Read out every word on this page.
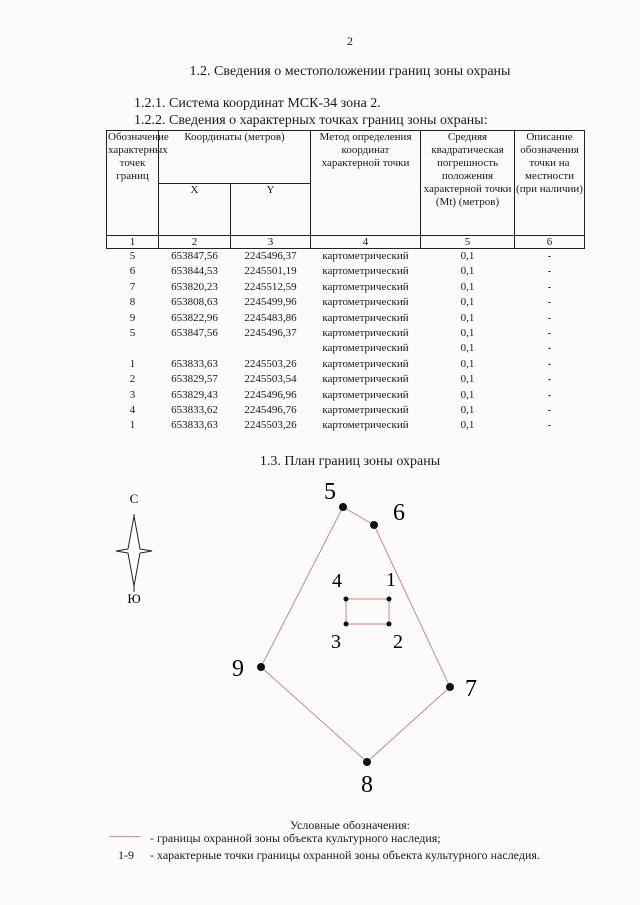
2
1.2. Сведения о местоположении границ зоны охраны
1.2.1. Система координат МСК-34 зона 2.
1.2.2. Сведения о характерных точках границ зоны охраны:
Обозначение характерных точек границ	Координаты (метров)		Метод определения координат характерной точки	Средняя квадратическая погрешность положения характерной точки (Mt) (метров)	Описание обозначения точки на местности (при наличии)
	X	Y			
1	2	3	4	5	6
5	653847,56	2245496,37	картометрический	0,1	-
6	653844,53	2245501,19	картометрический	0,1	-
7	653820,23	2245512,59	картометрический	0,1	-
8	653808,63	2245499,96	картометрический	0,1	-
9	653822,96	2245483,86	картометрический	0,1	-
5	653847,56	2245496,37	картометрический	0,1	-
			картометрический	0,1	-
1	653833,63	2245503,26	картометрический	0,1	-
2	653829,57	2245503,54	картометрический	0,1	-
3	653829,43	2245496,96	картометрический	0,1	-
4	653833,62	2245496,76	картометрический	0,1	-
1	653833,63	2245503,26	картометрический	0,1	-
1.3. План границ зоны охраны
С
Ю
5
6
7
8
9
1
2
3
4
Условные обозначения:
- границы охранной зоны объекта культурного наследия;
1-9 - характерные точки границы охранной зоны объекта культурного наследия.
